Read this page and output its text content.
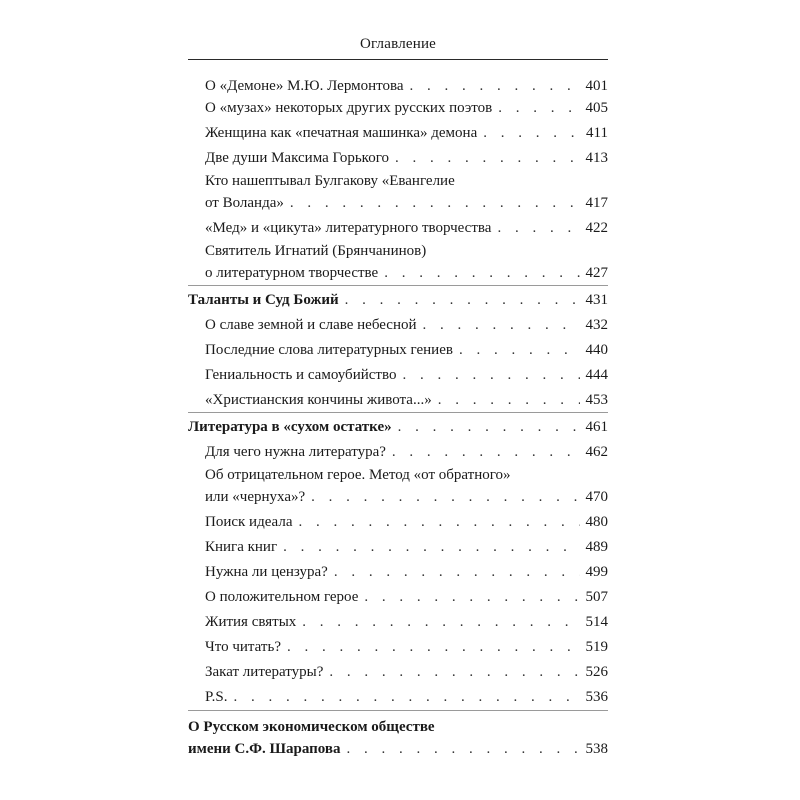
Оглавление
О «Демоне» М.Ю. Лермонтова . . .	401
О «музах» некоторых других русских поэтов . . .	405
Женщина как «печатная машинка» демона . . .	411
Две души Максима Горького . . .	413
Кто нашептывал Булгакову «Евангелие
от Воланда» . . .	417
«Мед» и «цикута» литературного творчества . . .	422
Святитель Игнатий (Брянчанинов)
о литературном творчестве . . .	427
Таланты и Суд Божий . . .	431
О славе земной и славе небесной . . .	432
Последние слова литературных гениев . . .	440
Гениальность и самоубийство . . .	444
«Христианския кончины живота...» . . .	453
Литература в «сухом остатке» . . .	461
Для чего нужна литература? . . .	462
Об отрицательном герое. Метод «от обратного»
или «чернуха»? . . .	470
Поиск идеала . . .	480
Книга книг . . .	489
Нужна ли цензура? . . .	499
О положительном герое . . .	507
Жития святых . . .	514
Что читать? . . .	519
Закат литературы? . . .	526
P.S. . . .	536
О Русском экономическом обществе
имени С.Ф. Шарапова . . .	538
